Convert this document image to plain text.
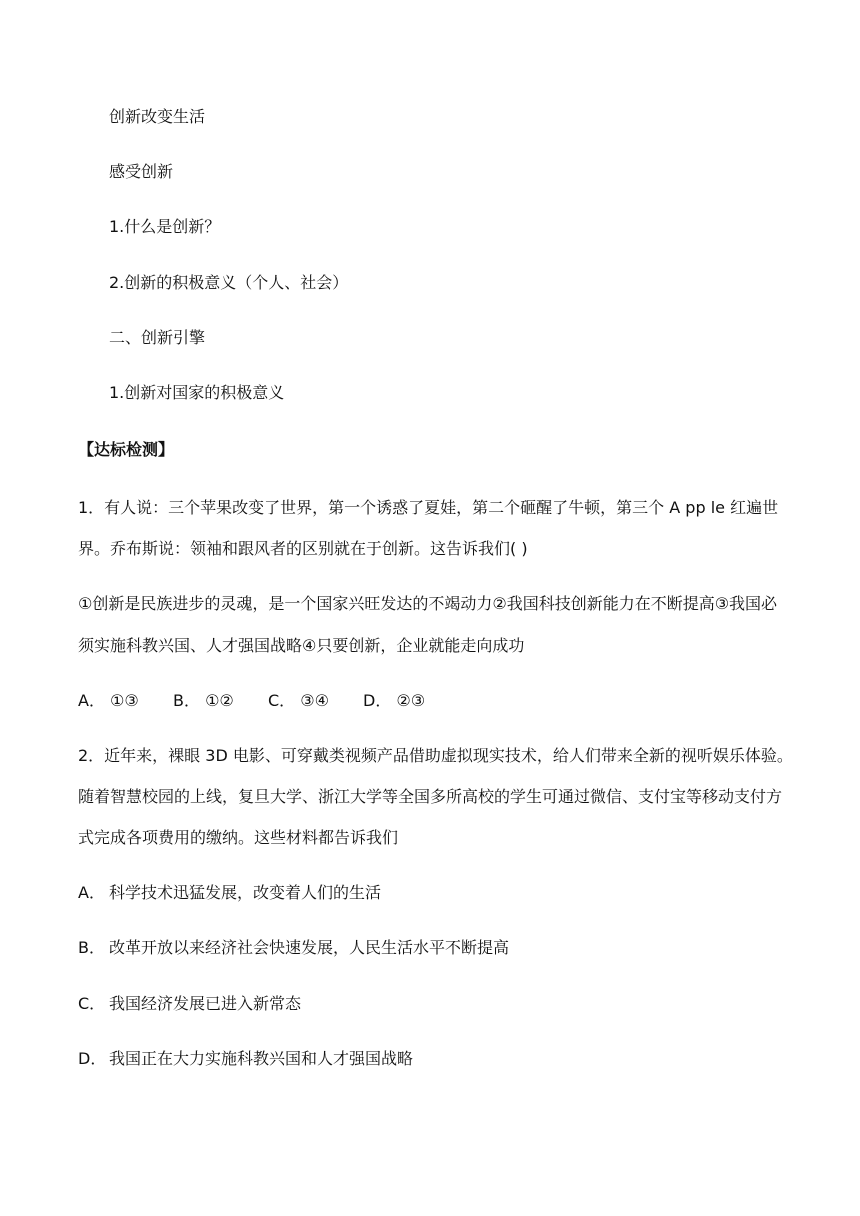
创新改变生活
感受创新
1.什么是创新？
2.创新的积极意义（个人、社会）
二、创新引擎
1.创新对国家的积极意义
【达标检测】
1．有人说：三个苹果改变了世界，第一个诱惑了夏娃，第二个砸醒了牛顿，第三个 A pp le 红遍世
界。乔布斯说：领袖和跟风者的区别就在于创新。这告诉我们( )
①创新是民族进步的灵魂，是一个国家兴旺发达的不竭动力②我国科技创新能力在不断提高③我国必
须实施科教兴国、人才强国战略④只要创新，企业就能走向成功
A． ①③ B． ①② C． ③④ D． ②③
2．近年来，裸眼 3D 电影、可穿戴类视频产品借助虚拟现实技术，给人们带来全新的视听娱乐体验。
随着智慧校园的上线，复旦大学、浙江大学等全国多所高校的学生可通过微信、支付宝等移动支付方
式完成各项费用的缴纳。这些材料都告诉我们
A． 科学技术迅猛发展，改变着人们的生活
B． 改革开放以来经济社会快速发展，人民生活水平不断提高
C． 我国经济发展已进入新常态
D． 我国正在大力实施科教兴国和人才强国战略
